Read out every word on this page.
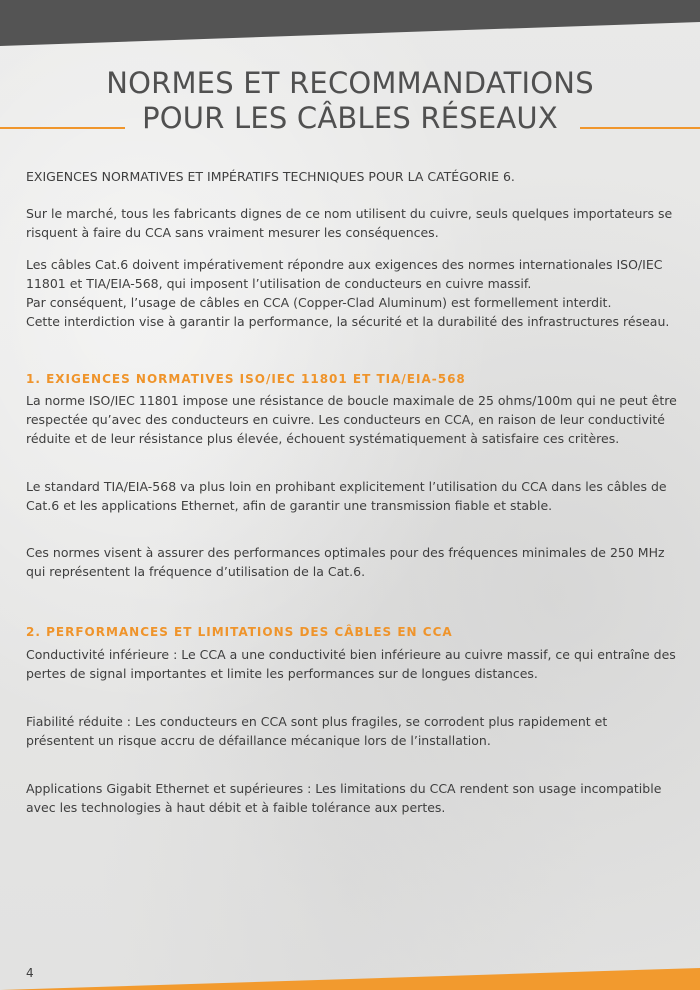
NORMES ET RECOMMANDATIONS
POUR LES CÂBLES RÉSEAUX

EXIGENCES NORMATIVES ET IMPÉRATIFS TECHNIQUES POUR LA CATÉGORIE 6.

Sur le marché, tous les fabricants dignes de ce nom utilisent du cuivre, seuls quelques importateurs se
risquent à faire du CCA sans vraiment mesurer les conséquences.

Les câbles Cat.6 doivent impérativement répondre aux exigences des normes internationales ISO/IEC
11801 et TIA/EIA-568, qui imposent l’utilisation de conducteurs en cuivre massif.
Par conséquent, l’usage de câbles en CCA (Copper-Clad Aluminum) est formellement interdit.
Cette interdiction vise à garantir la performance, la sécurité et la durabilité des infrastructures réseau.

1. EXIGENCES NORMATIVES ISO/IEC 11801 ET TIA/EIA-568

La norme ISO/IEC 11801 impose une résistance de boucle maximale de 25 ohms/100m qui ne peut être
respectée qu’avec des conducteurs en cuivre. Les conducteurs en CCA, en raison de leur conductivité
réduite et de leur résistance plus élevée, échouent systématiquement à satisfaire ces critères.

Le standard TIA/EIA-568 va plus loin en prohibant explicitement l’utilisation du CCA dans les câbles de
Cat.6 et les applications Ethernet, afin de garantir une transmission fiable et stable.

Ces normes visent à assurer des performances optimales pour des fréquences minimales de 250 MHz
qui représentent la fréquence d’utilisation de la Cat.6.

2. PERFORMANCES ET LIMITATIONS DES CÂBLES EN CCA

Conductivité inférieure : Le CCA a une conductivité bien inférieure au cuivre massif, ce qui entraîne des
pertes de signal importantes et limite les performances sur de longues distances.

Fiabilité réduite : Les conducteurs en CCA sont plus fragiles, se corrodent plus rapidement et
présentent un risque accru de défaillance mécanique lors de l’installation.

Applications Gigabit Ethernet et supérieures : Les limitations du CCA rendent son usage incompatible
avec les technologies à haut débit et à faible tolérance aux pertes.

4
